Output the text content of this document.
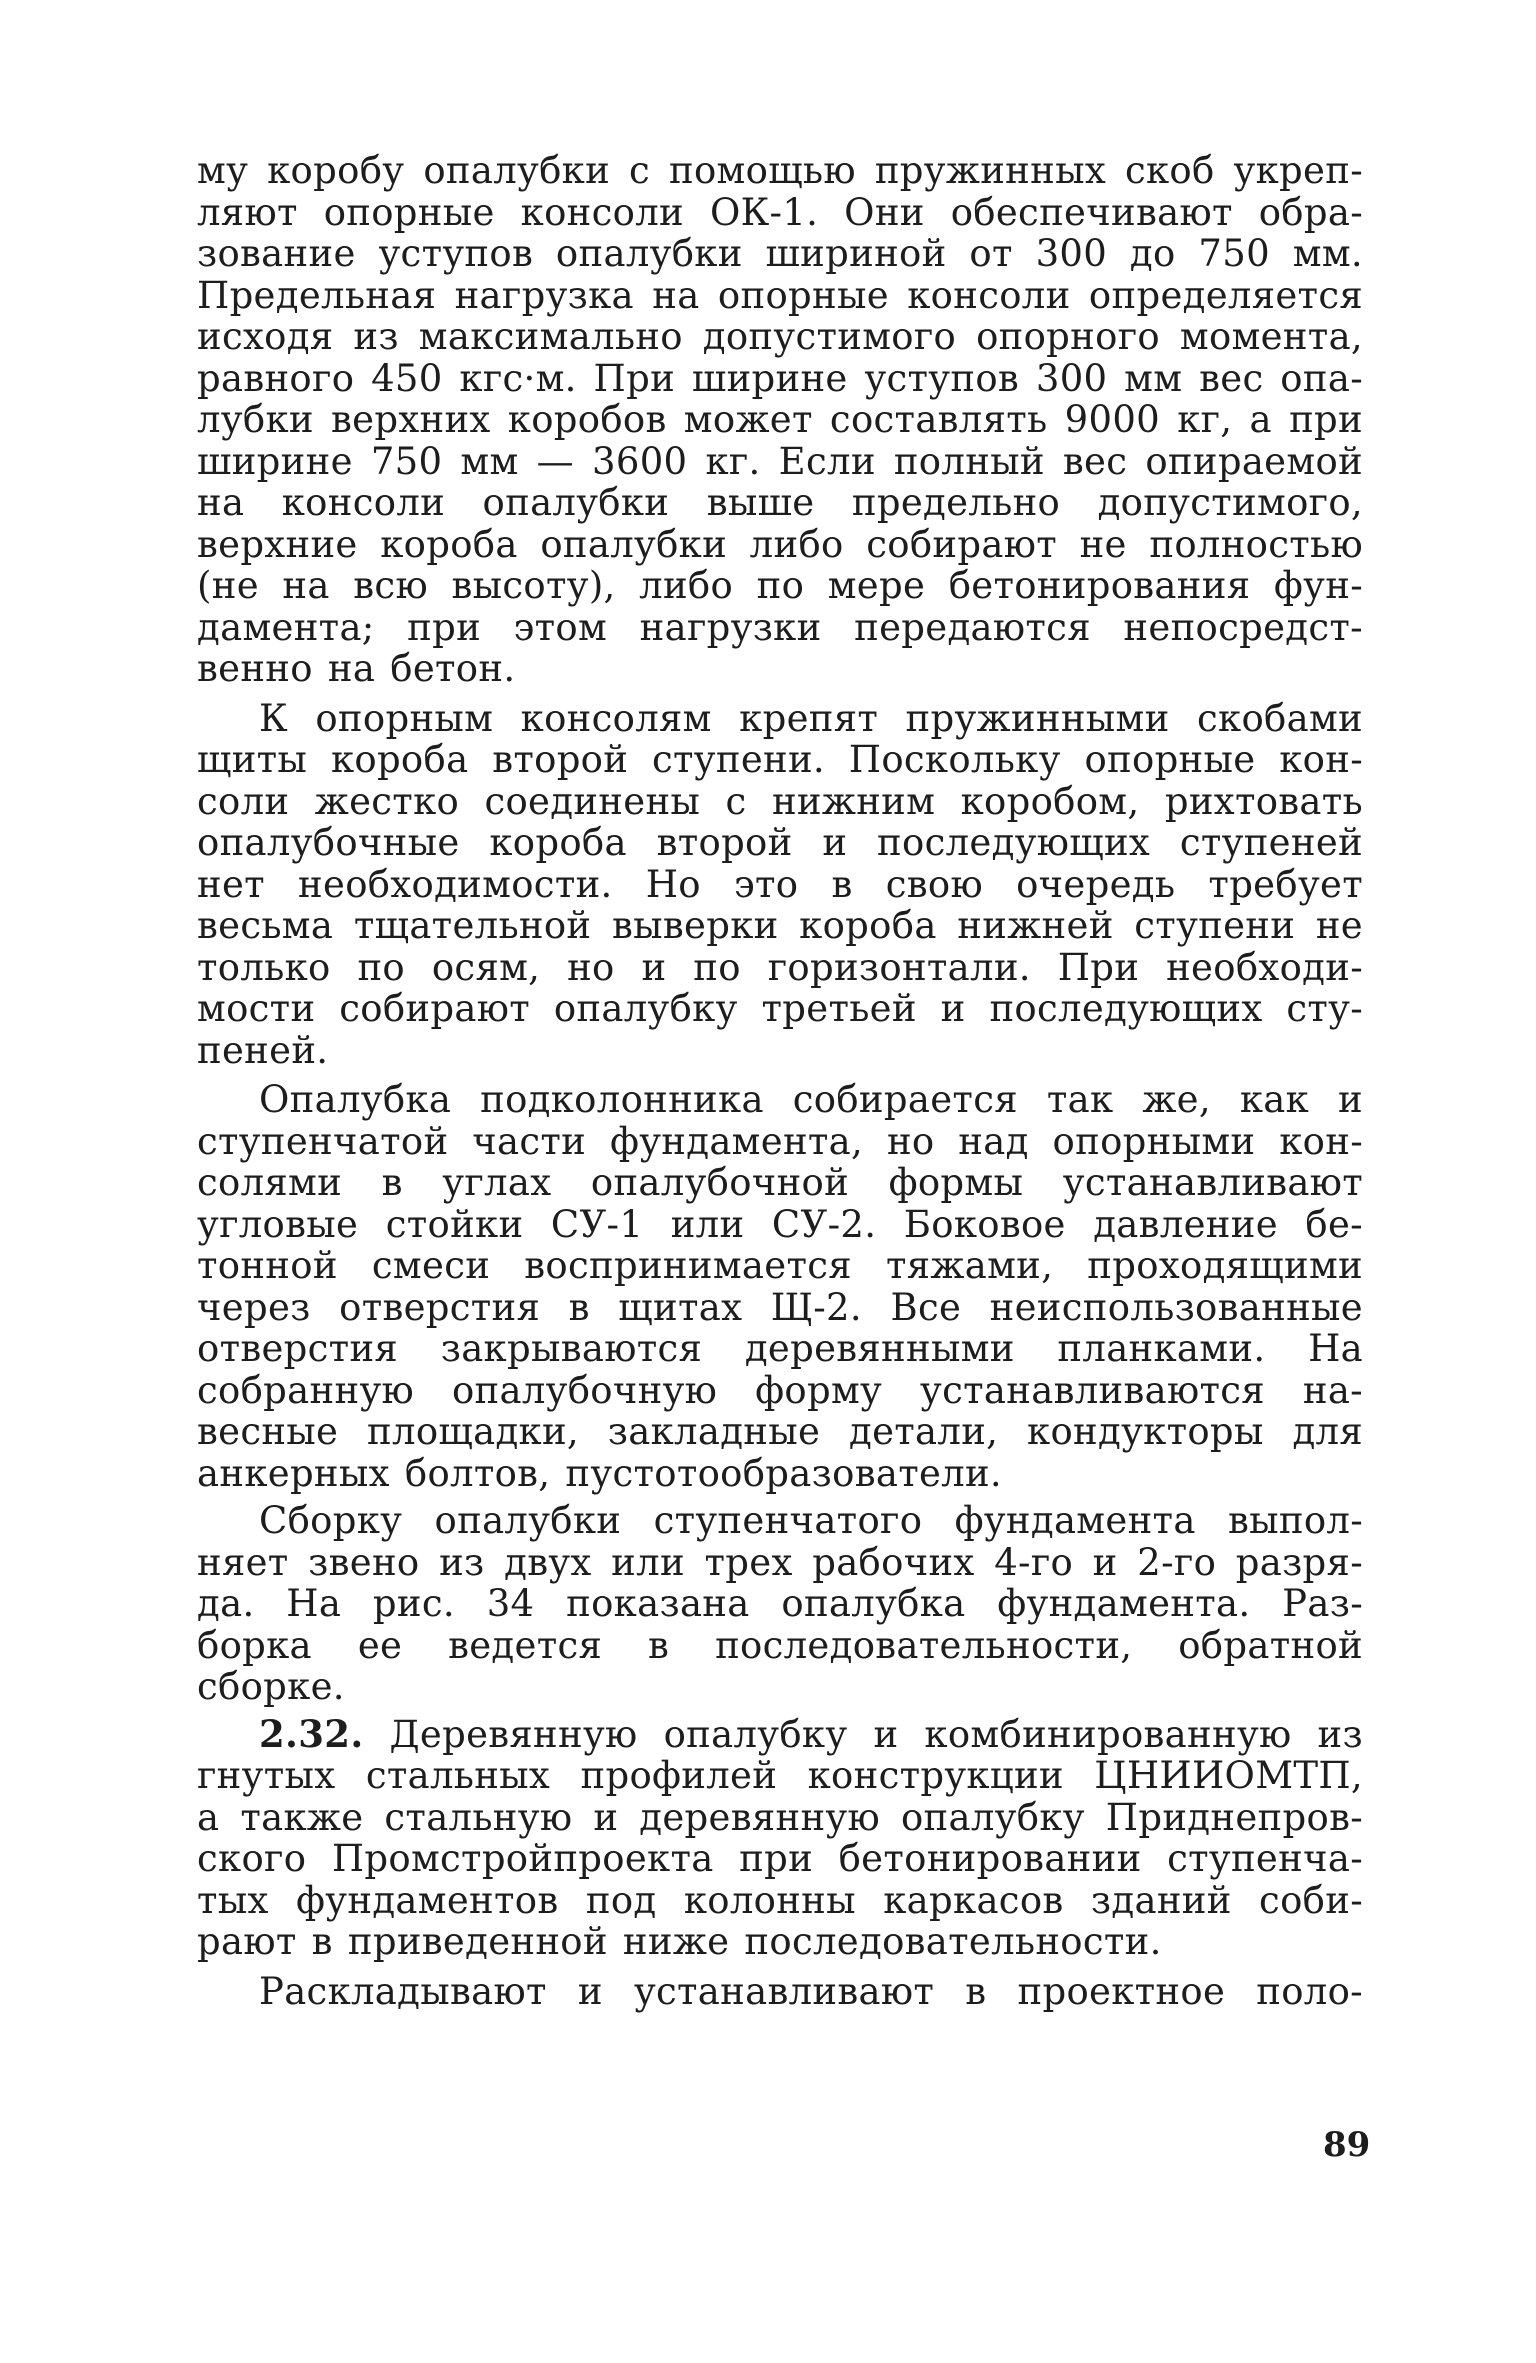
му коробу опалубки с помощью пружинных скоб укреп-
ляют опорные консоли ОК-1. Они обеспечивают обра-
зование уступов опалубки шириной от 300 до 750 мм.
Предельная нагрузка на опорные консоли определяется
исходя из максимально допустимого опорного момента,
равного 450 кгс·м. При ширине уступов 300 мм вес опа-
лубки верхних коробов может составлять 9000 кг, а при
ширине 750 мм — 3600 кг. Если полный вес опираемой
на консоли опалубки выше предельно допустимого,
верхние короба опалубки либо собирают не полностью
(не на всю высоту), либо по мере бетонирования фун-
дамента; при этом нагрузки передаются непосредст-
венно на бетон.
К опорным консолям крепят пружинными скобами
щиты короба второй ступени. Поскольку опорные кон-
соли жестко соединены с нижним коробом, рихтовать
опалубочные короба второй и последующих ступеней
нет необходимости. Но это в свою очередь требует
весьма тщательной выверки короба нижней ступени не
только по осям, но и по горизонтали. При необходи-
мости собирают опалубку третьей и последующих сту-
пеней.
Опалубка подколонника собирается так же, как и
ступенчатой части фундамента, но над опорными кон-
солями в углах опалубочной формы устанавливают
угловые стойки СУ-1 или СУ-2. Боковое давление бе-
тонной смеси воспринимается тяжами, проходящими
через отверстия в щитах Щ-2. Все неиспользованные
отверстия закрываются деревянными планками. На
собранную опалубочную форму устанавливаются на-
весные площадки, закладные детали, кондукторы для
анкерных болтов, пустотообразователи.
Сборку опалубки ступенчатого фундамента выпол-
няет звено из двух или трех рабочих 4-го и 2-го разря-
да. На рис. 34 показана опалубка фундамента. Раз-
борка ее ведется в последовательности, обратной
сборке.
2.32. Деревянную опалубку и комбинированную из
гнутых стальных профилей конструкции ЦНИИОМТП,
а также стальную и деревянную опалубку Приднепров-
ского Промстройпроекта при бетонировании ступенча-
тых фундаментов под колонны каркасов зданий соби-
рают в приведенной ниже последовательности.
Раскладывают и устанавливают в проектное поло-
89
